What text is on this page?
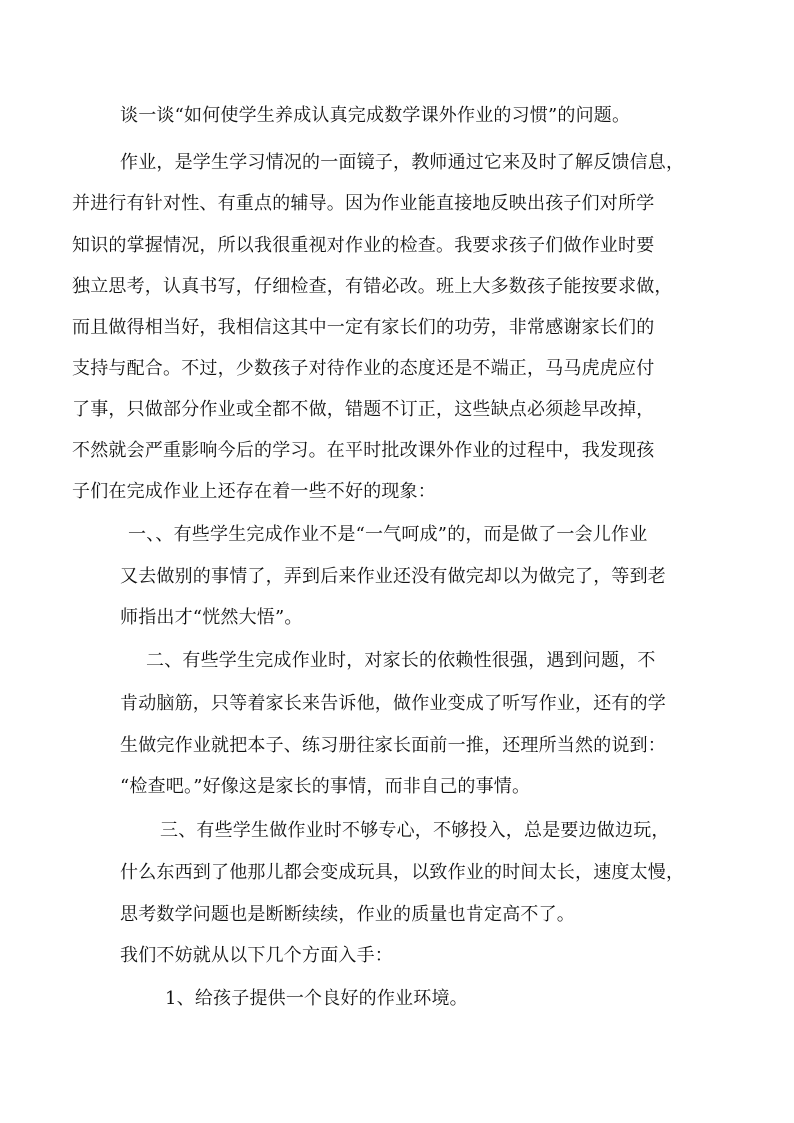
谈一谈“如何使学生养成认真完成数学课外作业的习惯”的问题。
作业，是学生学习情况的一面镜子，教师通过它来及时了解反馈信息，
并进行有针对性、有重点的辅导。因为作业能直接地反映出孩子们对所学
知识的掌握情况，所以我很重视对作业的检查。我要求孩子们做作业时要
独立思考，认真书写，仔细检查，有错必改。班上大多数孩子能按要求做，
而且做得相当好，我相信这其中一定有家长们的功劳，非常感谢家长们的
支持与配合。不过，少数孩子对待作业的态度还是不端正，马马虎虎应付
了事，只做部分作业或全都不做，错题不订正，这些缺点必须趁早改掉，
不然就会严重影响今后的学习。在平时批改课外作业的过程中，我发现孩
子们在完成作业上还存在着一些不好的现象：
一、、有些学生完成作业不是“一气呵成”的，而是做了一会儿作业
又去做别的事情了，弄到后来作业还没有做完却以为做完了，等到老
师指出才“恍然大悟”。
二、有些学生完成作业时，对家长的依赖性很强，遇到问题，不
肯动脑筋，只等着家长来告诉他，做作业变成了听写作业，还有的学
生做完作业就把本子、练习册往家长面前一推，还理所当然的说到：
“检查吧。”好像这是家长的事情，而非自己的事情。
三、有些学生做作业时不够专心，不够投入，总是要边做边玩，
什么东西到了他那儿都会变成玩具，以致作业的时间太长，速度太慢，
思考数学问题也是断断续续，作业的质量也肯定高不了。
我们不妨就从以下几个方面入手：
1、给孩子提供一个良好的作业环境。
